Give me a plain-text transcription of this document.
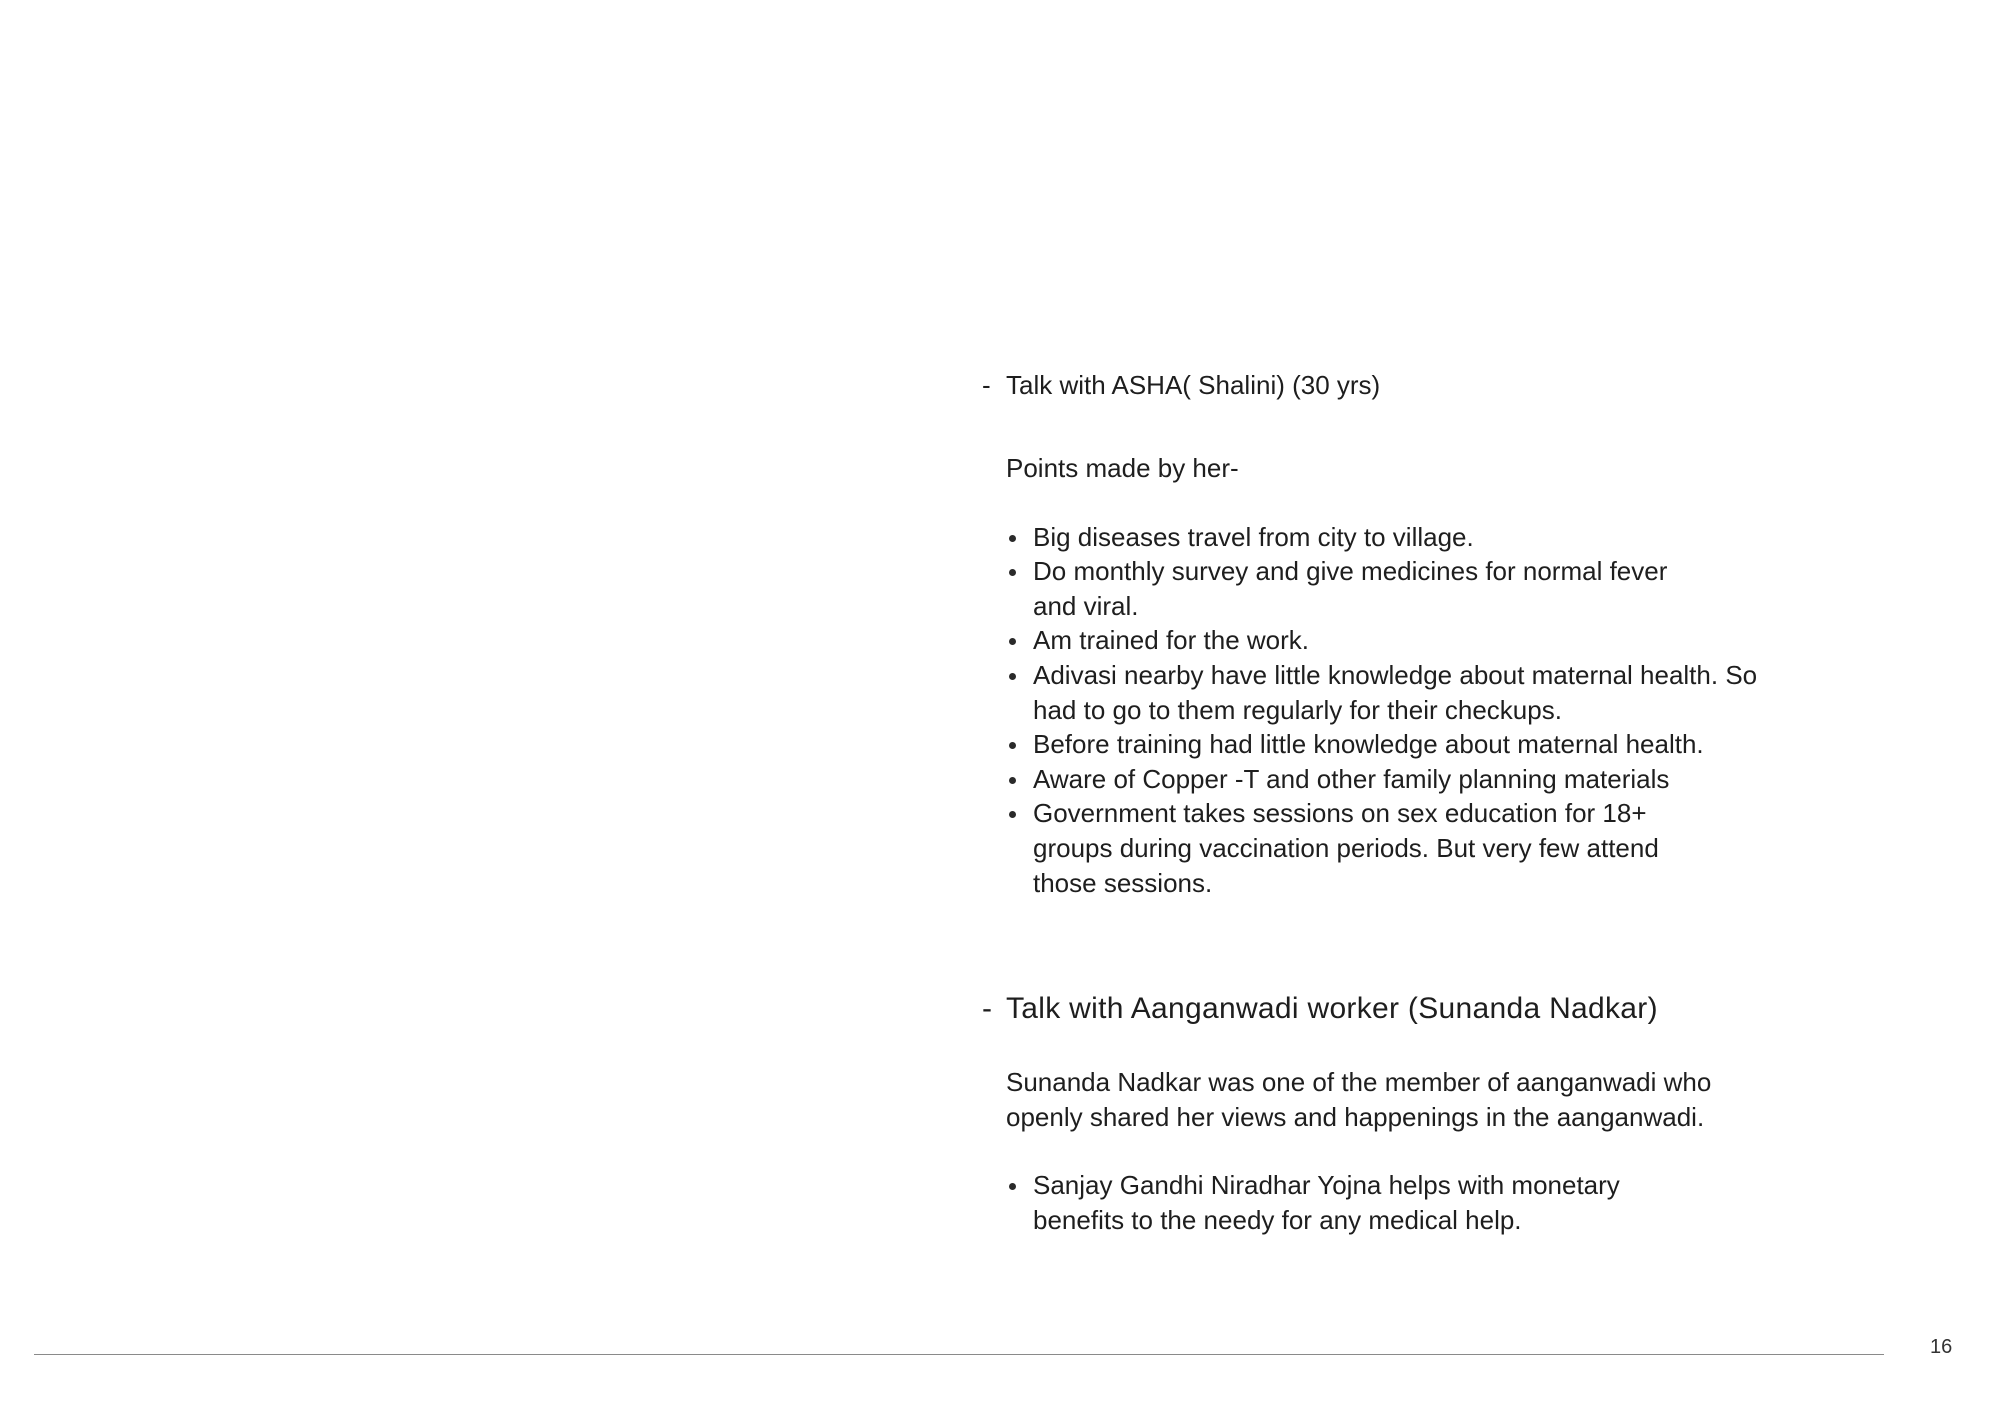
- Talk with ASHA( Shalini) (30 yrs)

Points made by her-

Big diseases travel from city to village.
Do monthly survey and give medicines for normal fever and viral.
Am trained for the work.
Adivasi nearby have little knowledge about maternal health. So had to go to them regularly for their checkups.
Before training had little knowledge about maternal health.
Aware of Copper -T and other family planning materials
Government takes sessions on sex education for 18+ groups during vaccination periods. But very few attend those sessions.
- Talk with Aanganwadi worker (Sunanda Nadkar)

Sunanda Nadkar was one of the member of aanganwadi who openly shared her views and happenings in the aanganwadi.

Sanjay Gandhi Niradhar Yojna helps with monetary benefits to the needy for any medical help.
16
